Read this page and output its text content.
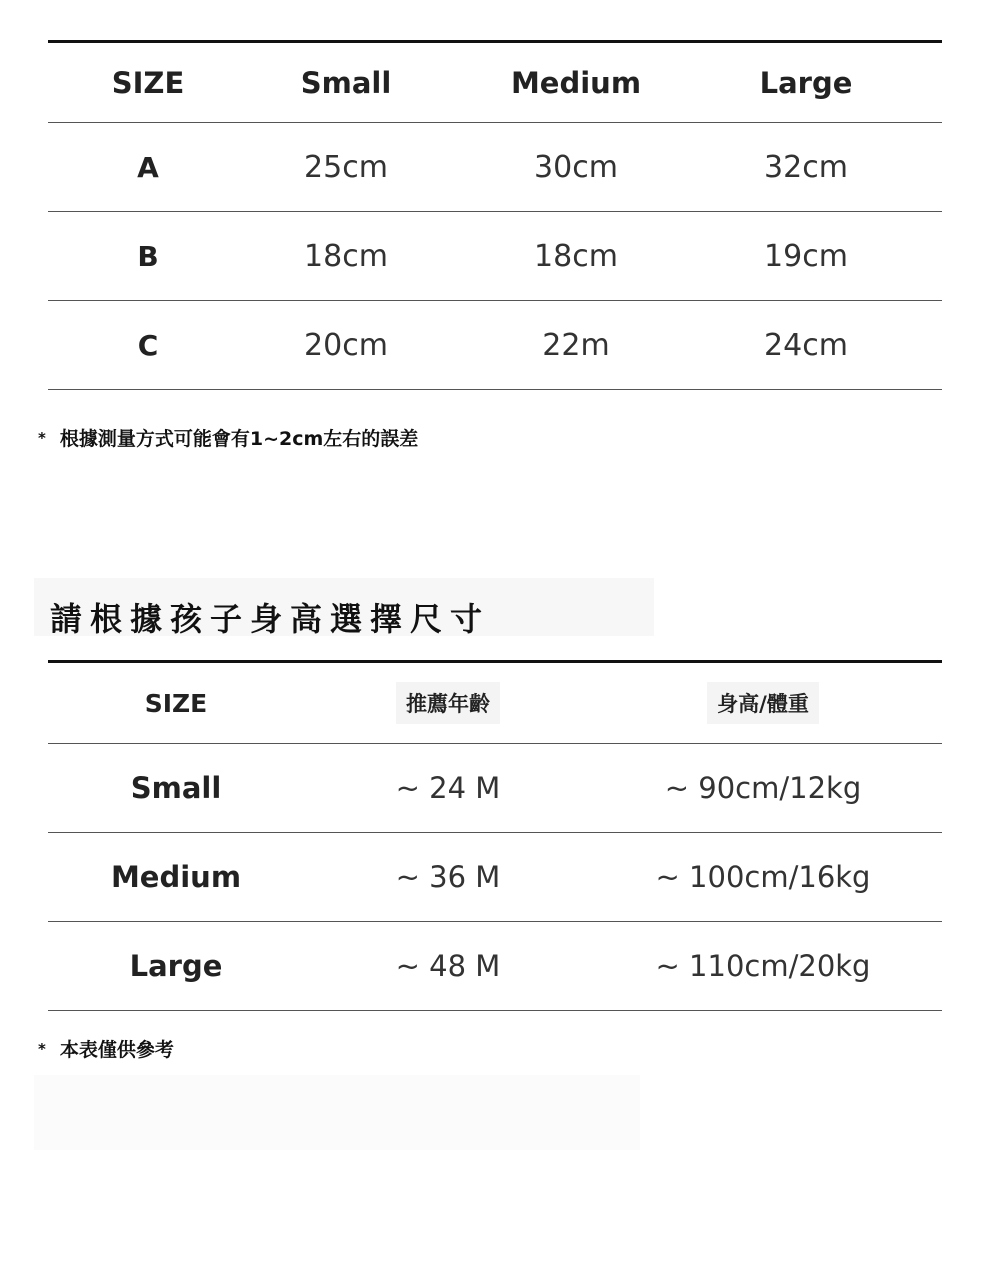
SIZE	Small	Medium	Large
A	25cm	30cm	32cm
B	18cm	18cm	19cm
C	20cm	22m	24cm
* 根據測量方式可能會有1~2cm左右的誤差
請根據孩子身高選擇尺寸
SIZE	推薦年齡	身高/體重
Small	~ 24 M	~ 90cm/12kg
Medium	~ 36 M	~ 100cm/16kg
Large	~ 48 M	~ 110cm/20kg
* 本表僅供參考
